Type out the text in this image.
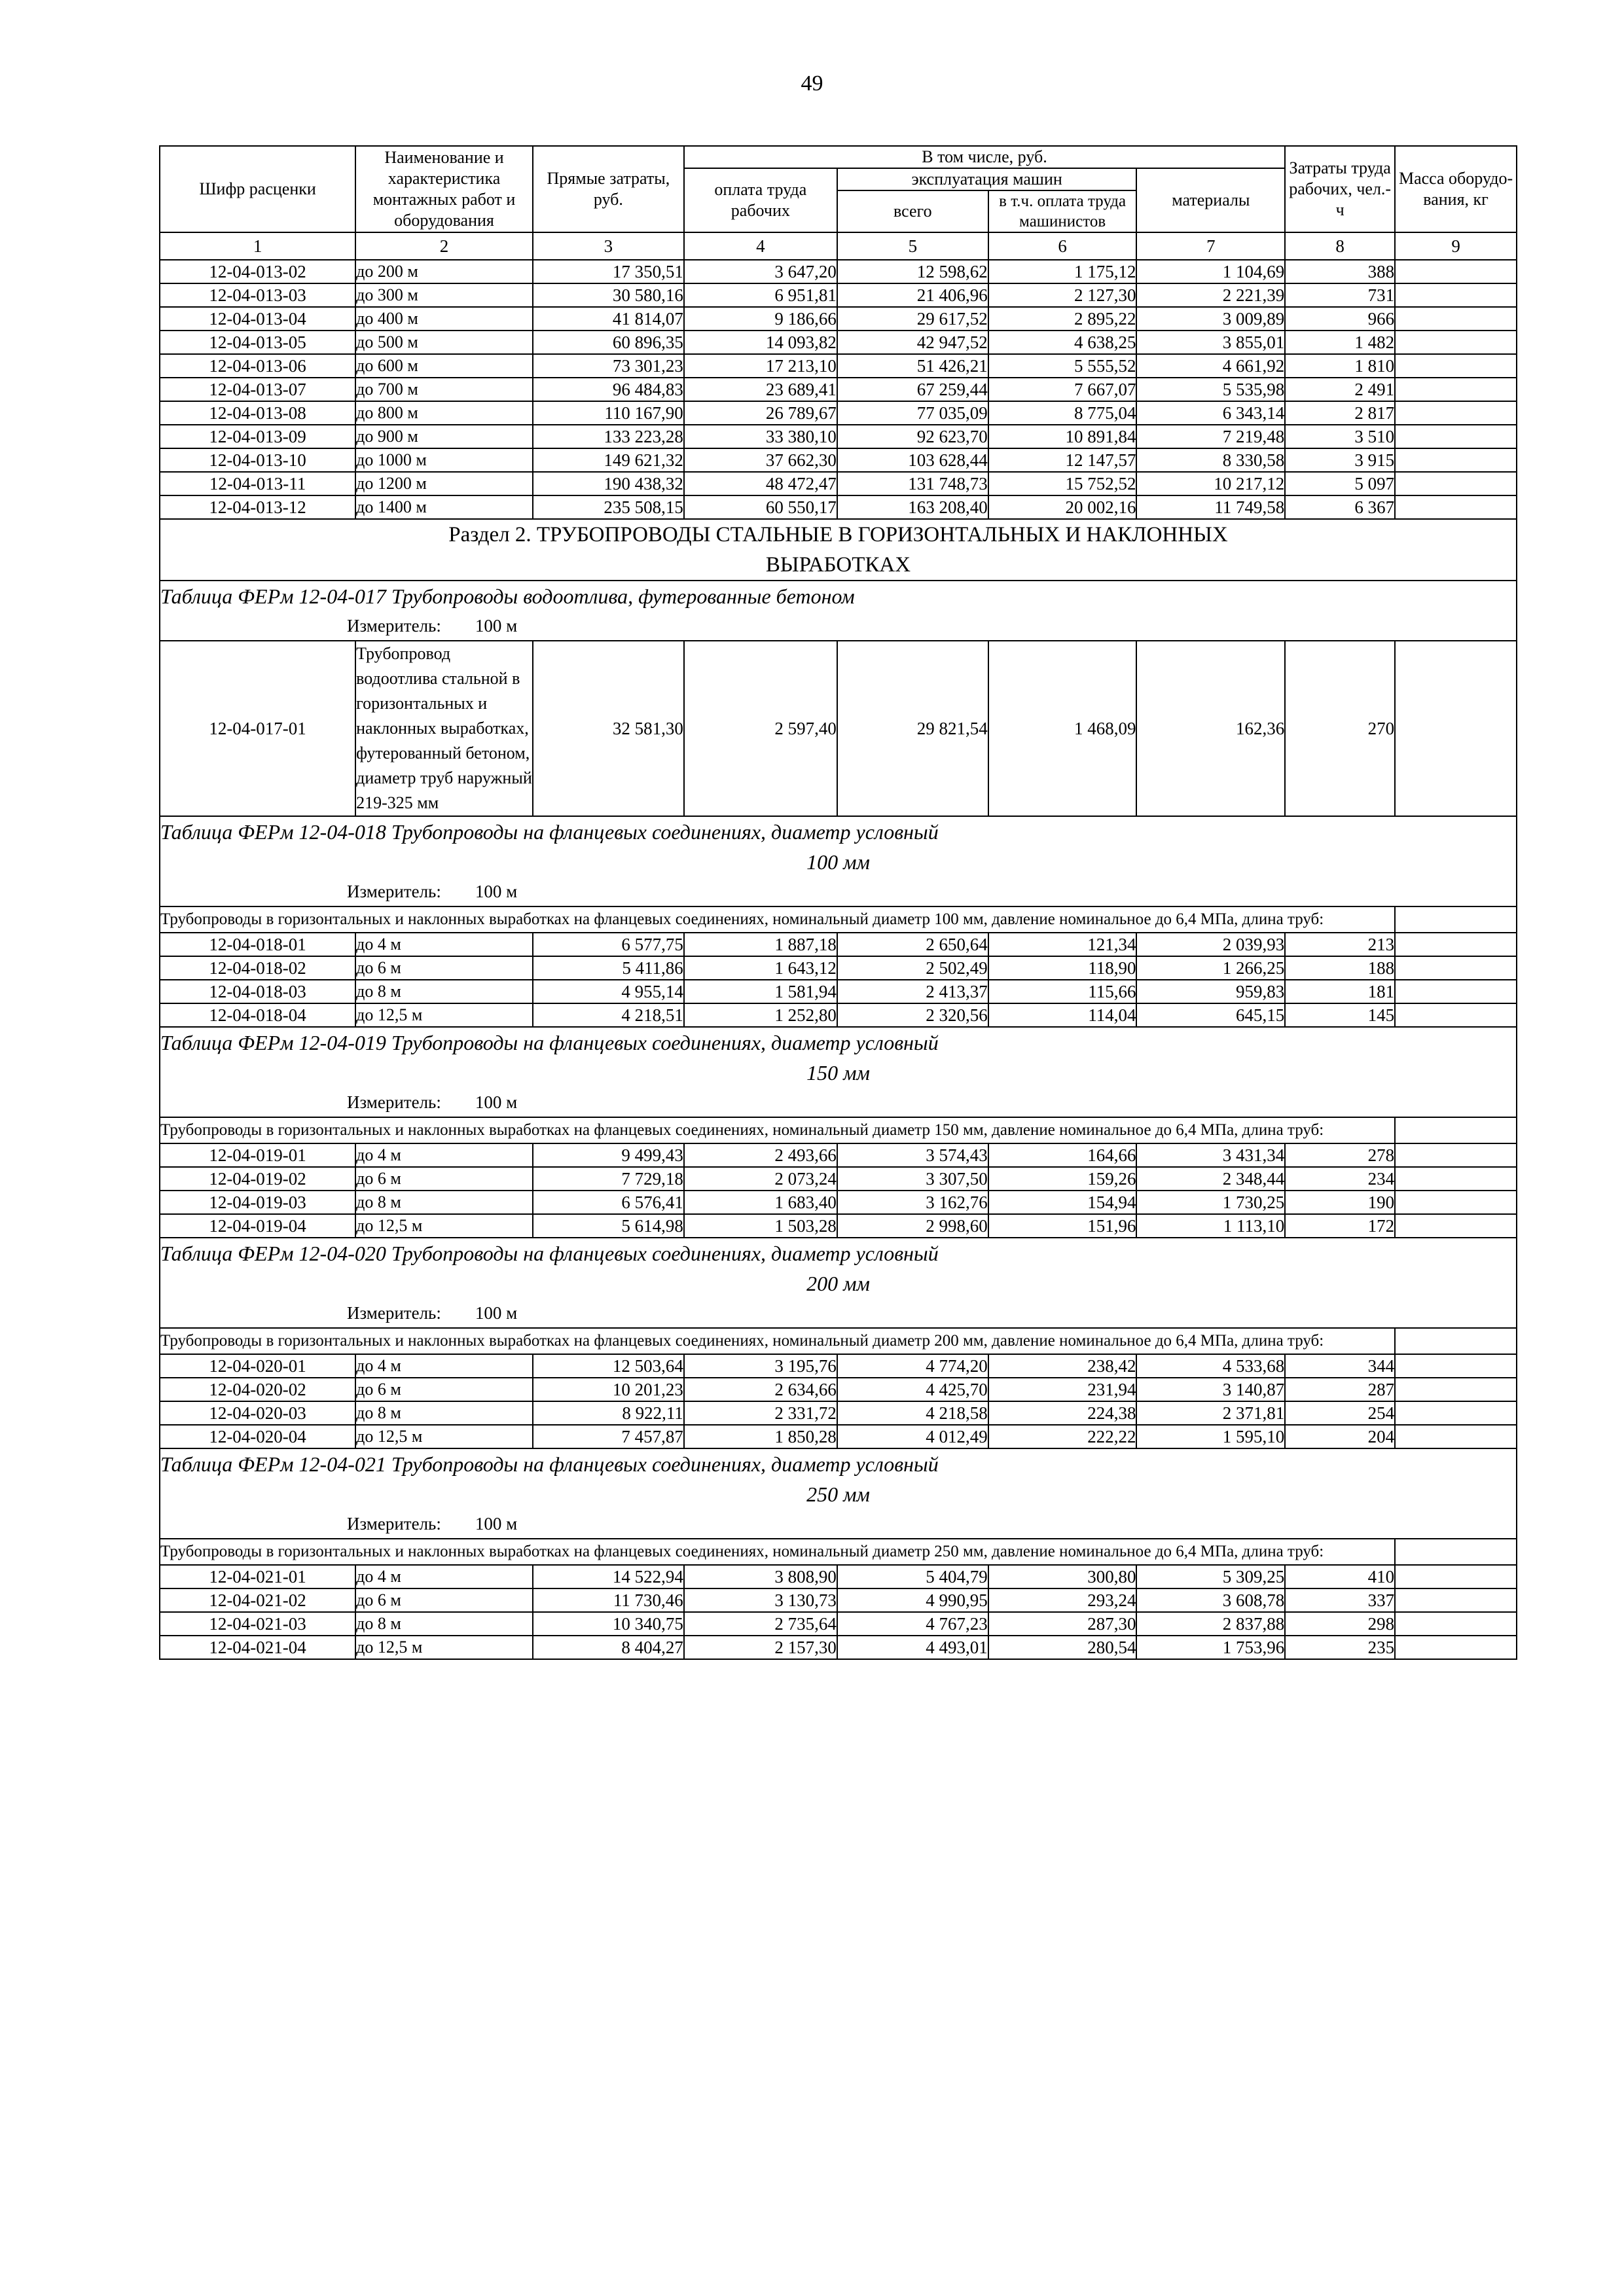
49
Шифр расценки	Наименование и характеристика монтажных работ и оборудования	Прямые затраты, руб.	В том числе, руб.				Затраты труда рабочих, чел.-ч	Масса оборудо-вания, кг
			оплата труда рабочих	эксплуатация машин		материалы		
				всего	в т.ч. оплата труда машинистов			

1	2	3	4	5	6	7	8	9
12-04-013-02	до 200 м	17 350,51	3 647,20	12 598,62	1 175,12	1 104,69	388	
12-04-013-03	до 300 м	30 580,16	6 951,81	21 406,96	2 127,30	2 221,39	731	
12-04-013-04	до 400 м	41 814,07	9 186,66	29 617,52	2 895,22	3 009,89	966	
12-04-013-05	до 500 м	60 896,35	14 093,82	42 947,52	4 638,25	3 855,01	1 482	
12-04-013-06	до 600 м	73 301,23	17 213,10	51 426,21	5 555,52	4 661,92	1 810	
12-04-013-07	до 700 м	96 484,83	23 689,41	67 259,44	7 667,07	5 535,98	2 491	
12-04-013-08	до 800 м	110 167,90	26 789,67	77 035,09	8 775,04	6 343,14	2 817	
12-04-013-09	до 900 м	133 223,28	33 380,10	92 623,70	10 891,84	7 219,48	3 510	
12-04-013-10	до 1000 м	149 621,32	37 662,30	103 628,44	12 147,57	8 330,58	3 915	
12-04-013-11	до 1200 м	190 438,32	48 472,47	131 748,73	15 752,52	10 217,12	5 097	
12-04-013-12	до 1400 м	235 508,15	60 550,17	163 208,40	20 002,16	11 749,58	6 367	

Раздел 2. ТРУБОПРОВОДЫ СТАЛЬНЫЕ В ГОРИЗОНТАЛЬНЫХ И НАКЛОННЫХ
ВЫРАБОТКАХ								

Таблица ФЕРм 12-04-017 Трубопроводы водоотлива, футерованные бетоном
Измеритель: 100 м								

12-04-017-01	Трубопровод водоотлива стальной в горизонтальных и наклонных выработках, футерованный бетоном, диаметр труб наружный 219-325 мм	32 581,30	2 597,40	29 821,54	1 468,09	162,36	270	

Таблица ФЕРм 12-04-018 Трубопроводы на фланцевых соединениях, диаметр условный
100 мм
Измеритель: 100 м								

Трубопроводы в горизонтальных и наклонных выработках на фланцевых соединениях, номинальный диаметр 100 мм, давление номинальное до 6,4 МПа, длина труб:								
12-04-018-01	до 4 м	6 577,75	1 887,18	2 650,64	121,34	2 039,93	213	
12-04-018-02	до 6 м	5 411,86	1 643,12	2 502,49	118,90	1 266,25	188	
12-04-018-03	до 8 м	4 955,14	1 581,94	2 413,37	115,66	959,83	181	
12-04-018-04	до 12,5 м	4 218,51	1 252,80	2 320,56	114,04	645,15	145	

Таблица ФЕРм 12-04-019 Трубопроводы на фланцевых соединениях, диаметр условный
150 мм
Измеритель: 100 м								

Трубопроводы в горизонтальных и наклонных выработках на фланцевых соединениях, номинальный диаметр 150 мм, давление номинальное до 6,4 МПа, длина труб:								
12-04-019-01	до 4 м	9 499,43	2 493,66	3 574,43	164,66	3 431,34	278	
12-04-019-02	до 6 м	7 729,18	2 073,24	3 307,50	159,26	2 348,44	234	
12-04-019-03	до 8 м	6 576,41	1 683,40	3 162,76	154,94	1 730,25	190	
12-04-019-04	до 12,5 м	5 614,98	1 503,28	2 998,60	151,96	1 113,10	172	

Таблица ФЕРм 12-04-020 Трубопроводы на фланцевых соединениях, диаметр условный
200 мм
Измеритель: 100 м								

Трубопроводы в горизонтальных и наклонных выработках на фланцевых соединениях, номинальный диаметр 200 мм, давление номинальное до 6,4 МПа, длина труб:								
12-04-020-01	до 4 м	12 503,64	3 195,76	4 774,20	238,42	4 533,68	344	
12-04-020-02	до 6 м	10 201,23	2 634,66	4 425,70	231,94	3 140,87	287	
12-04-020-03	до 8 м	8 922,11	2 331,72	4 218,58	224,38	2 371,81	254	
12-04-020-04	до 12,5 м	7 457,87	1 850,28	4 012,49	222,22	1 595,10	204	

Таблица ФЕРм 12-04-021 Трубопроводы на фланцевых соединениях, диаметр условный
250 мм
Измеритель: 100 м								

Трубопроводы в горизонтальных и наклонных выработках на фланцевых соединениях, номинальный диаметр 250 мм, давление номинальное до 6,4 МПа, длина труб:								
12-04-021-01	до 4 м	14 522,94	3 808,90	5 404,79	300,80	5 309,25	410	
12-04-021-02	до 6 м	11 730,46	3 130,73	4 990,95	293,24	3 608,78	337	
12-04-021-03	до 8 м	10 340,75	2 735,64	4 767,23	287,30	2 837,88	298	
12-04-021-04	до 12,5 м	8 404,27	2 157,30	4 493,01	280,54	1 753,96	235	
